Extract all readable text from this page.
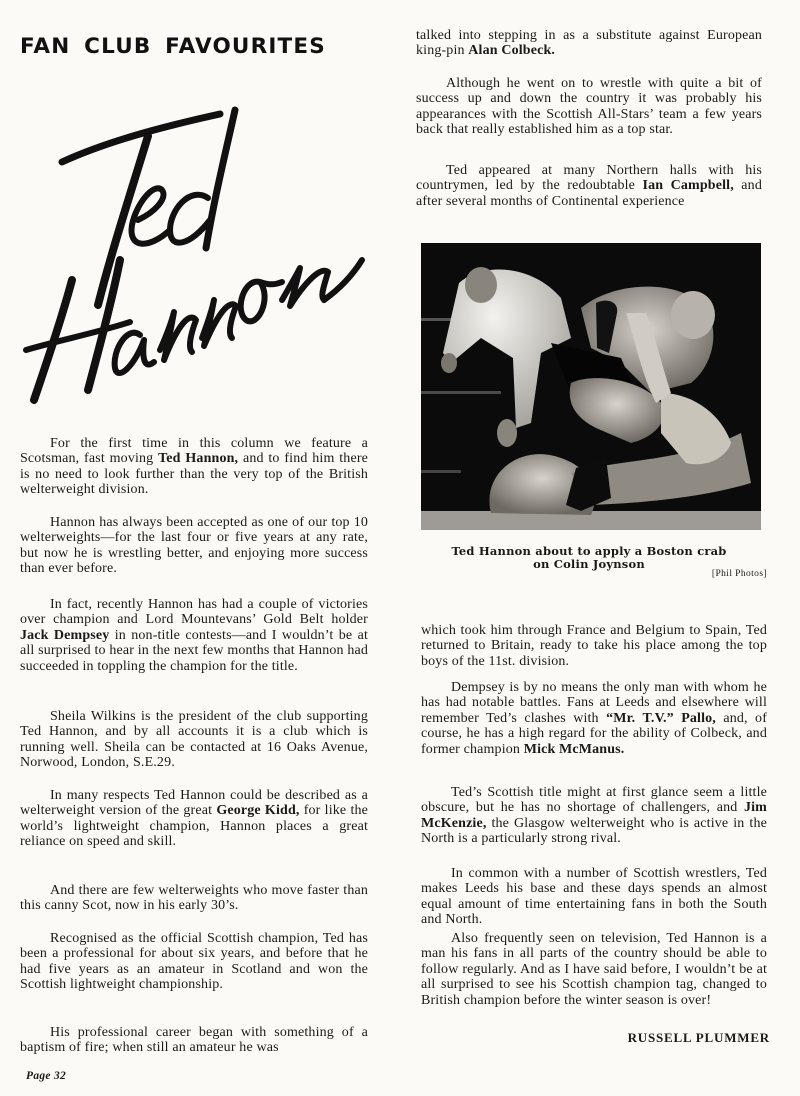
FAN CLUB FAVOURITES

For the first time in this column we feature a Scotsman, fast moving Ted Hannon, and to find him there is no need to look further than the very top of the British welterweight division.

Hannon has always been accepted as one of our top 10 welterweights—for the last four or five years at any rate, but now he is wrestling better, and enjoying more success than ever before.

In fact, recently Hannon has had a couple of victories over champion and Lord Mountevans’ Gold Belt holder Jack Dempsey in non-title contests—and I wouldn’t be at all surprised to hear in the next few months that Hannon had succeeded in toppling the champion for the title.

Sheila Wilkins is the president of the club supporting Ted Hannon, and by all accounts it is a club which is running well. Sheila can be contacted at 16 Oaks Avenue, Norwood, London, S.E.29.

In many respects Ted Hannon could be described as a welterweight version of the great George Kidd, for like the world’s lightweight champion, Hannon places a great reliance on speed and skill.

And there are few welterweights who move faster than this canny Scot, now in his early 30’s.

Recognised as the official Scottish champion, Ted has been a professional for about six years, and before that he had five years as an amateur in Scotland and won the Scottish lightweight championship.

His professional career began with something of a baptism of fire; when still an amateur he was

talked into stepping in as a substitute against European king-pin Alan Colbeck.

Although he went on to wrestle with quite a bit of success up and down the country it was probably his appearances with the Scottish All-Stars’ team a few years back that really established him as a top star.

Ted appeared at many Northern halls with his countrymen, led by the redoubtable Ian Campbell, and after several months of Continental experience

Ted Hannon about to apply a Boston crab
on Colin Joynson
[Phil Photos]

which took him through France and Belgium to Spain, Ted returned to Britain, ready to take his place among the top boys of the 11st. division.

Dempsey is by no means the only man with whom he has had notable battles. Fans at Leeds and elsewhere will remember Ted’s clashes with “Mr. T.V.” Pallo, and, of course, he has a high regard for the ability of Colbeck, and former champion Mick McManus.

Ted’s Scottish title might at first glance seem a little obscure, but he has no shortage of challengers, and Jim McKenzie, the Glasgow welterweight who is active in the North is a particularly strong rival.

In common with a number of Scottish wrestlers, Ted makes Leeds his base and these days spends an almost equal amount of time entertaining fans in both the South and North.

Also frequently seen on television, Ted Hannon is a man his fans in all parts of the country should be able to follow regularly. And as I have said before, I wouldn’t be at all surprised to see his Scottish champion tag, changed to British champion before the winter season is over!

RUSSELL PLUMMER
Page 32
